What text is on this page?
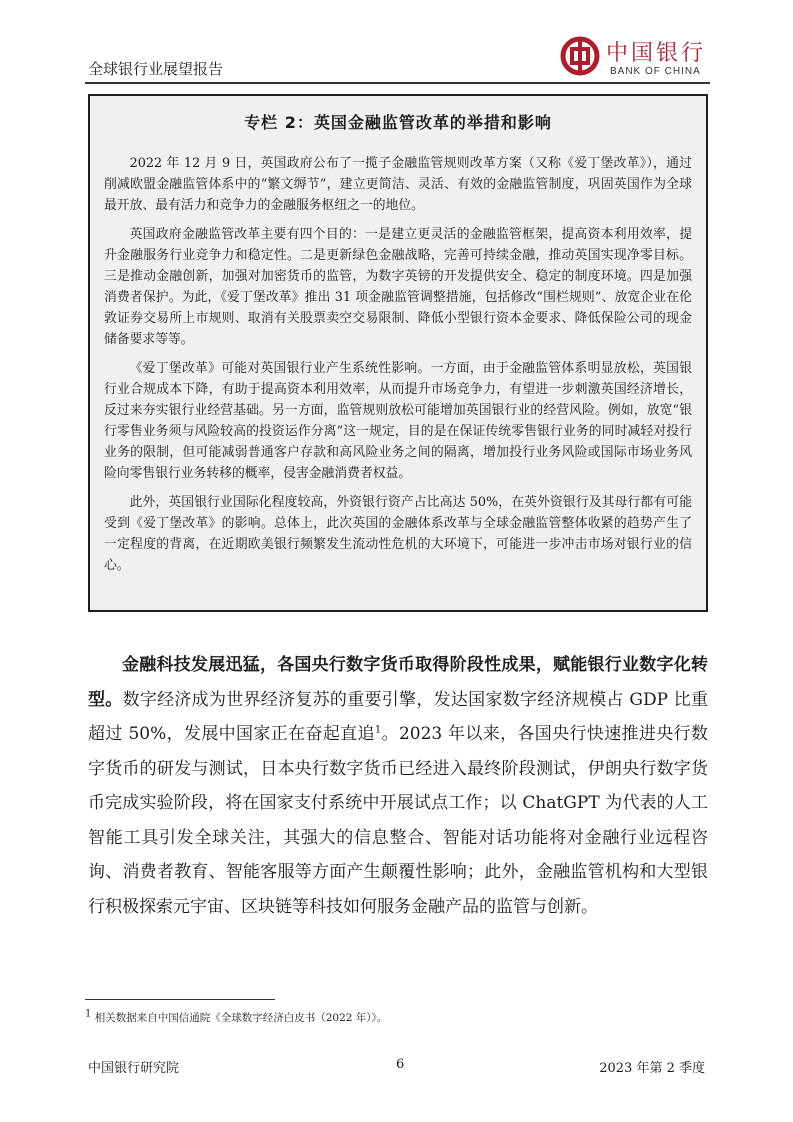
全球银行业展望报告
中国银行
BANK OF CHINA
专栏 2：英国金融监管改革的举措和影响

2022 年 12 月 9 日，英国政府公布了一揽子金融监管规则改革方案（又称《爱丁堡改革》），通过削减欧盟金融监管体系中的“繁文缛节”，建立更简洁、灵活、有效的金融监管制度，巩固英国作为全球最开放、最有活力和竞争力的金融服务枢纽之一的地位。

英国政府金融监管改革主要有四个目的：一是建立更灵活的金融监管框架，提高资本利用效率，提升金融服务行业竞争力和稳定性。二是更新绿色金融战略，完善可持续金融，推动英国实现净零目标。三是推动金融创新，加强对加密货币的监管，为数字英镑的开发提供安全、稳定的制度环境。四是加强消费者保护。为此，《爱丁堡改革》推出 31 项金融监管调整措施，包括修改“围栏规则”、放宽企业在伦敦证券交易所上市规则、取消有关股票卖空交易限制、降低小型银行资本金要求、降低保险公司的现金储备要求等等。

《爱丁堡改革》可能对英国银行业产生系统性影响。一方面，由于金融监管体系明显放松，英国银行业合规成本下降，有助于提高资本利用效率，从而提升市场竞争力，有望进一步刺激英国经济增长，反过来夯实银行业经营基础。另一方面，监管规则放松可能增加英国银行业的经营风险。例如，放宽“银行零售业务须与风险较高的投资运作分离”这一规定，目的是在保证传统零售银行业务的同时减轻对投行业务的限制，但可能减弱普通客户存款和高风险业务之间的隔离，增加投行业务风险或国际市场业务风险向零售银行业务转移的概率，侵害金融消费者权益。

此外，英国银行业国际化程度较高，外资银行资产占比高达 50%，在英外资银行及其母行都有可能受到《爱丁堡改革》的影响。总体上，此次英国的金融体系改革与全球金融监管整体收紧的趋势产生了一定程度的背离，在近期欧美银行频繁发生流动性危机的大环境下，可能进一步冲击市场对银行业的信心。

金融科技发展迅猛，各国央行数字货币取得阶段性成果，赋能银行业数字化转型。数字经济成为世界经济复苏的重要引擎，发达国家数字经济规模占 GDP 比重超过 50%，发展中国家正在奋起直追$^1$。2023 年以来，各国央行快速推进央行数字货币的研发与测试，日本央行数字货币已经进入最终阶段测试，伊朗央行数字货币完成实验阶段，将在国家支付系统中开展试点工作；以 ChatGPT 为代表的人工智能工具引发全球关注，其强大的信息整合、智能对话功能将对金融行业远程咨询、消费者教育、智能客服等方面产生颠覆性影响；此外，金融监管机构和大型银行积极探索元宇宙、区块链等科技如何服务金融产品的监管与创新。

$^1$ 相关数据来自中国信通院《全球数字经济白皮书（2022 年）》。
中国银行研究院	6	2023 年第 2 季度
